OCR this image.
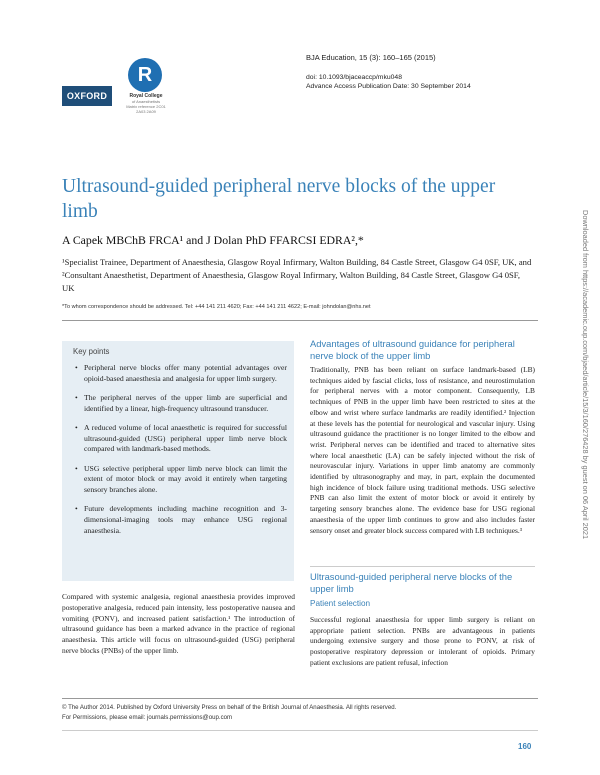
R
Royal College
of Anaesthetists
Matrix reference 2C01
2A03 2A09
OXFORD
BJA Education, 15 (3): 160–165 (2015)
doi: 10.1093/bjaceaccp/mku048
Advance Access Publication Date: 30 September 2014
Ultrasound-guided peripheral nerve blocks of the upper limb
A Capek MBChB FRCA¹ and J Dolan PhD FFARCSI EDRA²,*
¹Specialist Trainee, Department of Anaesthesia, Glasgow Royal Infirmary, Walton Building, 84 Castle Street, Glasgow G4 0SF, UK, and ²Consultant Anaesthetist, Department of Anaesthesia, Glasgow Royal Infirmary, Walton Building, 84 Castle Street, Glasgow G4 0SF, UK
*To whom correspondence should be addressed. Tel: +44 141 211 4620; Fax: +44 141 211 4622; E-mail: johndolan@nhs.net	Downloaded from https://academic.oup.com/bjaed/article/15/3/160/276428 by guest on 06 April 2021
Key points
• Peripheral nerve blocks offer many potential advantages over opioid-based anaesthesia and analgesia for upper limb surgery.
• The peripheral nerves of the upper limb are superficial and identified by a linear, high-frequency ultrasound transducer.
• A reduced volume of local anaesthetic is required for successful ultrasound-guided (USG) peripheral upper limb nerve block compared with landmark-based methods.
• USG selective peripheral upper limb nerve block can limit the extent of motor block or may avoid it entirely when targeting sensory branches alone.
• Future developments including machine recognition and 3-dimensional-imaging tools may enhance USG regional anaesthesia.

Compared with systemic analgesia, regional anaesthesia provides improved postoperative analgesia, reduced pain intensity, less postoperative nausea and vomiting (PONV), and increased patient satisfaction.¹ The introduction of ultrasound guidance has been a marked advance in the practice of regional anaesthesia. This article will focus on ultrasound-guided (USG) peripheral nerve blocks (PNBs) of the upper limb.

Advantages of ultrasound guidance for peripheral nerve block of the upper limb

Traditionally, PNB has been reliant on surface landmark-based (LB) techniques aided by fascial clicks, loss of resistance, and neurostimulation for peripheral nerves with a motor component. Consequently, LB techniques of PNB in the upper limb have been restricted to sites at the elbow and wrist where surface landmarks are readily identified.² Injection at these levels has the potential for neurological and vascular injury. Using ultrasound guidance the practitioner is no longer limited to the elbow and wrist. Peripheral nerves can be identified and traced to alternative sites where local anaesthetic (LA) can be safely injected without the risk of neurovascular injury. Variations in upper limb anatomy are commonly identified by ultrasonography and may, in part, explain the documented high incidence of block failure using traditional methods. USG selective PNB can also limit the extent of motor block or avoid it entirely by targeting sensory branches alone. The evidence base for USG regional anaesthesia of the upper limb continues to grow and also includes faster sensory onset and greater block success compared with LB techniques.³

Ultrasound-guided peripheral nerve blocks of the upper limb
Patient selection

Successful regional anaesthesia for upper limb surgery is reliant on appropriate patient selection. PNBs are advantageous in patients undergoing extensive surgery and those prone to PONV, at risk of postoperative respiratory depression or intolerant of opioids. Primary patient exclusions are patient refusal, infection

© The Author 2014. Published by Oxford University Press on behalf of the British Journal of Anaesthesia. All rights reserved.
For Permissions, please email: journals.permissions@oup.com
160
